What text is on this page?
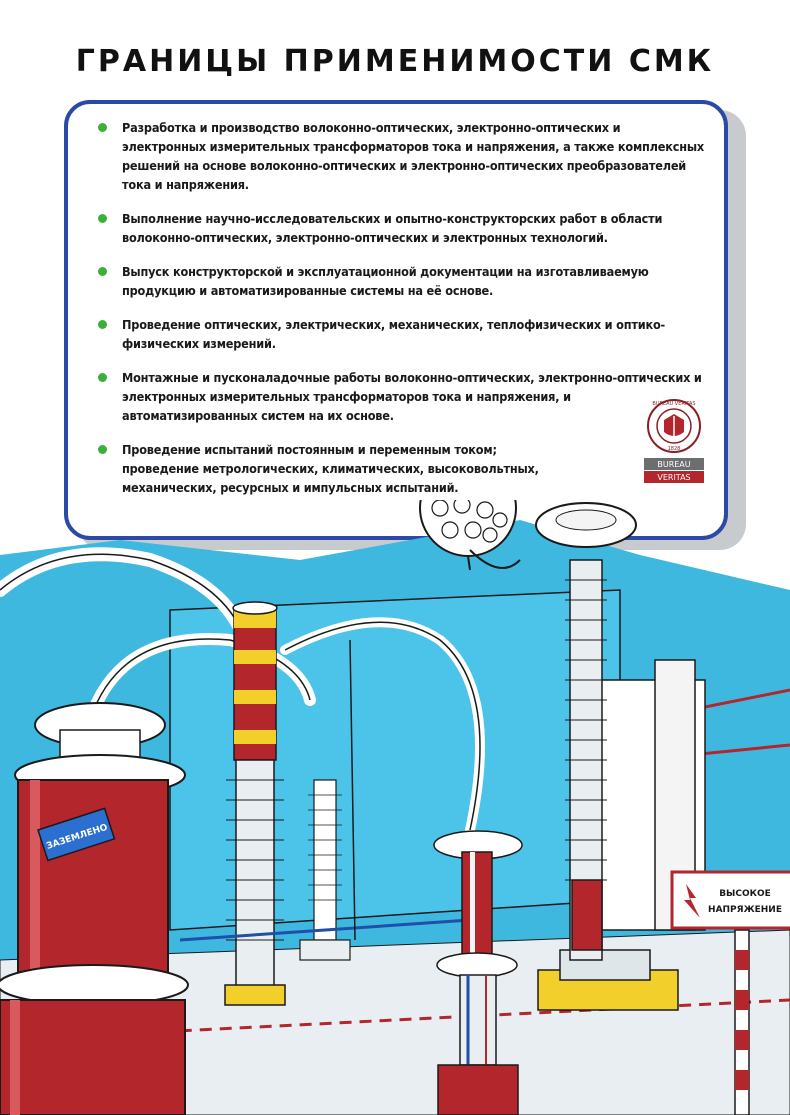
ГРАНИЦЫ ПРИМЕНИМОСТИ СМК
Разработка и производство волоконно-оптических, электронно-оптических и электронных измерительных трансформаторов тока и напряжения, а также комплексных решений на основе волоконно-оптических и электронно-оптических преобразователей тока и напряжения.
Выполнение научно-исследовательских и опытно-конструкторских работ в области волоконно-оптических, электронно-оптических и электронных технологий.
Выпуск конструкторской и эксплуатационной документации на изготавливаемую продукцию и автоматизированные системы на её основе.
Проведение оптических, электрических, механических, теплофизических и оптико-физических измерений.
Монтажные и пусконаладочные работы волоконно-оптических, электронно-оптических и электронных измерительных трансформаторов тока и напряжения, и автоматизированных систем на их основе.
Проведение испытаний постоянным и переменным током; проведение метрологических, климатических, высоковольтных, механических, ресурсных и импульсных испытаний.
BUREAU VERITAS
1828
BUREAU
VERITAS
ЗАЗЕМЛЕНО
ВЫСОКОЕ
НАПРЯЖЕНИЕ
